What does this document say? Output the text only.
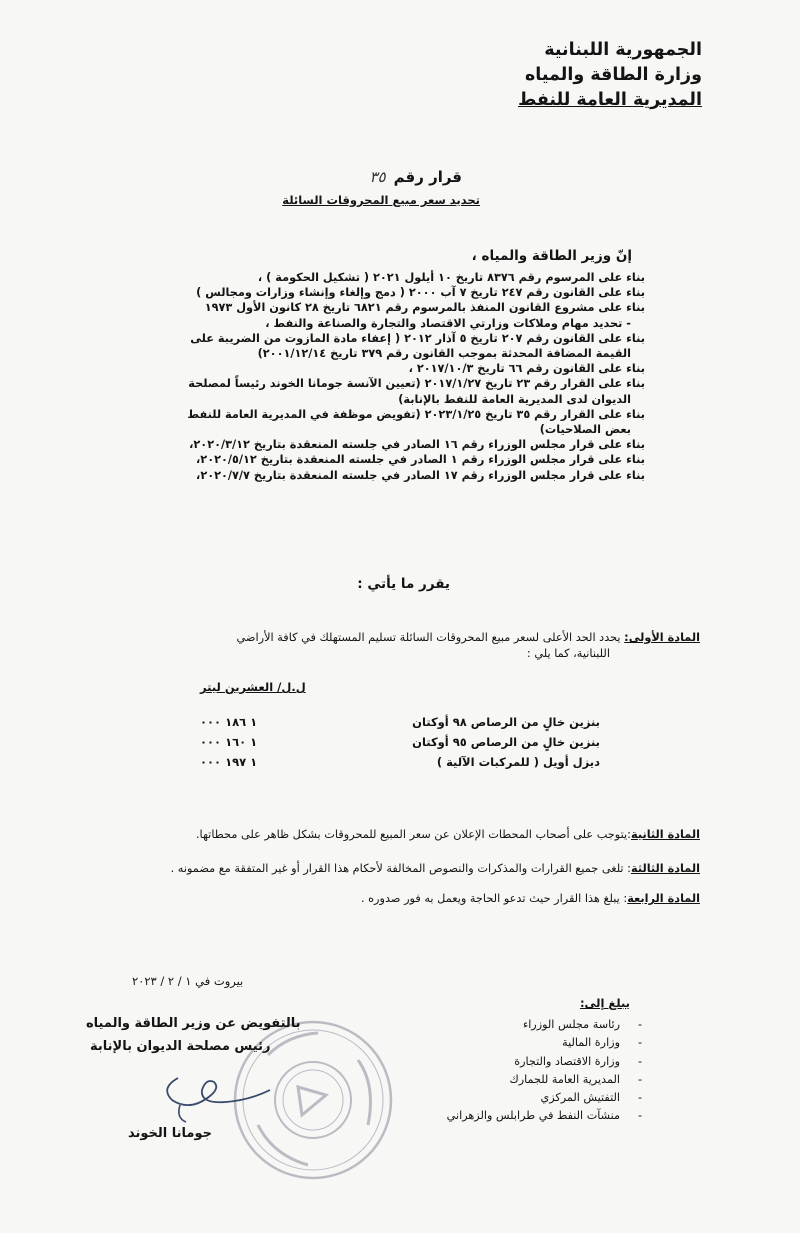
الجمهورية اللبنانية
وزارة الطاقة والمياه
المديرية العامة للنفط
قرار رقم٣٥
تحديد سعر مبيع المحروقات السائلة
إنّ وزير الطاقة والمياه ،
بناء على المرسوم رقم ٨٣٧٦ تاريخ ١٠ أيلول ٢٠٢١ ( تشكيل الحكومة ) ،
بناء على القانون رقم ٢٤٧ تاريخ ٧ آب ٢٠٠٠ ( دمج وإلغاء وإنشاء وزارات ومجالس )
بناء على مشروع القانون المنفذ بالمرسوم رقم ٦٨٢١ تاريخ ٢٨ كانون الأول ١٩٧٣
- تحديد مهام وملاكات وزارتي الاقتصاد والتجارة والصناعة والنفط ،
بناء على القانون رقم ٢٠٧ تاريخ ٥ آذار ٢٠١٢ ( إعفاء مادة المازوت من الضريبة على
القيمة المضافة المحدثة بموجب القانون رقم ٣٧٩ تاريخ ٢٠٠١/١٢/١٤)
بناء على القانون رقم ٦٦ تاريخ ٢٠١٧/١٠/٣ ،
بناء على القرار رقم ٢٣ تاريخ ٢٠١٧/١/٢٧ (تعيين الآنسة جومانا الخوند رئيساً لمصلحة
الديوان لدى المديرية العامة للنفط بالإنابة)
بناء على القرار رقم ٣٥ تاريخ ٢٠٢٣/١/٢٥ (تفويض موظفة في المديرية العامة للنفط
بعض الصلاحيات)
بناء على قرار مجلس الوزراء رقم ١٦ الصادر في جلسته المنعقدة بتاريخ ٢٠٢٠/٣/١٢،
بناء على قرار مجلس الوزراء رقم ١ الصادر في جلسته المنعقدة بتاريخ ٢٠٢٠/٥/١٢،
بناء على قرار مجلس الوزراء رقم ١٧ الصادر في جلسته المنعقدة بتاريخ ٢٠٢٠/٧/٧،
يقرر ما يأتي :
المادة الأولى: يحدد الحد الأعلى لسعر مبيع المحروقات السائلة تسليم المستهلك في كافة الأراضي
اللبنانية، كما يلي :
ل.ل/ العشرين ليتر
بنزين خالٍ من الرصاص ٩٨ أوكتان
١ ١٨٦ ٠٠٠
بنزين خالٍ من الرصاص ٩٥ أوكتان
١ ١٦٠ ٠٠٠
ديزل أويل ( للمركبات الآلية )
١ ١٩٧ ٠٠٠
المادة الثانية:يتوجب على أصحاب المحطات الإعلان عن سعر المبيع للمحروقات بشكل ظاهر على محطاتها.
المادة الثالثة: تلغى جميع القرارات والمذكرات والنصوص المخالفة لأحكام هذا القرار أو غير المتفقة مع مضمونه .
المادة الرابعة: يبلغ هذا القرار حيث تدعو الحاجة ويعمل به فور صدوره .
بيروت في ١ / ٢ / ٢٠٢٣
يبلغ إلى:
-
رئاسة مجلس الوزراء
-
وزارة المالية
-
وزارة الاقتصاد والتجارة
-
المديرية العامة للجمارك
-
التفتيش المركزي
-
منشآت النفط في طرابلس والزهراني
بالتفويض عن وزير الطاقة والمياه
رئيس مصلحة الديوان بالإنابة
جومانا الخوند
